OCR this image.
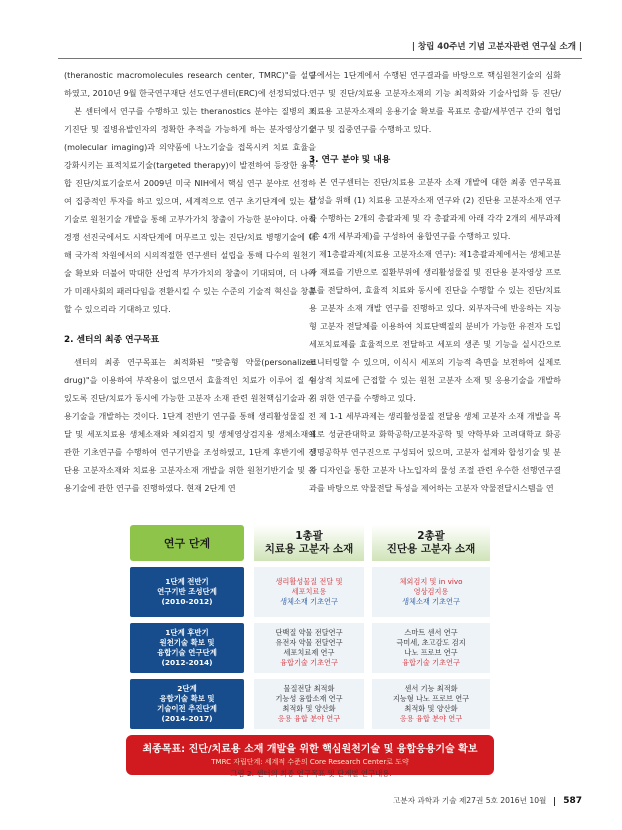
| 창립 40주년 기념 고분자관련 연구실 소개 |

(theranostic macromolecules research center, TMRC)"를 설립하였고, 2010년 9월 한국연구재단 선도연구센터(ERC)에 선정되었다.

본 센터에서 연구를 수행하고 있는 theranostics 분야는 질병의 조기진단 및 질병유발인자의 정확한 추적을 가능하게 하는 분자영상기술(molecular imaging)과 의약품에 나노기술을 접목시켜 치료 효율을 강화시키는 표적치료기술(targeted therapy)이 발전하여 등장한 융복합 진단/치료기술로서 2009년 미국 NIH에서 핵심 연구 분야로 선정하여 집중적인 투자를 하고 있으며, 세계적으로 연구 초기단계에 있는 신기술로 원천기술 개발을 통해 고부가가치 창출이 가능한 분야이다. 아직 경쟁 선진국에서도 시작단계에 머무르고 있는 진단/치료 병행기술에 대해 국가적 차원에서의 시의적절한 연구센터 설립을 통해 다수의 원천기술 확보와 더불어 막대한 산업적 부가가치의 창출이 기대되며, 더 나아가 미래사회의 패러다임을 전환시킬 수 있는 수준의 기술적 혁신을 창출할 수 있으리라 기대하고 있다.

2. 센터의 최종 연구목표

센터의 최종 연구목표는 최적화된 "맞춤형 약물(personalized drug)"을 이용하여 부작용이 없으면서 효율적인 치료가 이루어 질 수 있도록 진단/치료가 동시에 가능한 고분자 소재 관련 원천핵심기술과 응용기술을 개발하는 것이다. 1단계 전반기 연구를 통해 생리활성물질 전달 및 세포치료용 생체소재와 체외검지 및 생체영상검지용 생체소재에 관한 기초연구를 수행하여 연구기반을 조성하였고, 1단계 후반기에 진단용 고분자소재와 치료용 고분자소재 개발을 위한 원천기반기술 및 응용기술에 관한 연구를 진행하였다. 현재 2단계 연

구에서는 1단계에서 수행된 연구결과를 바탕으로 핵심원천기술의 심화연구 및 진단/치료용 고분자소재의 기능 최적화와 기술사업화 등 진단/치료용 고분자소재의 응용기술 확보를 목표로 총괄/세부연구 간의 협업연구 및 집중연구를 수행하고 있다.

3. 연구 분야 및 내용

본 연구센터는 진단/치료용 고분자 소재 개발에 대한 최종 연구목표 달성을 위해 (1) 치료용 고분자소재 연구와 (2) 진단용 고분자소재 연구를 수행하는 2개의 총괄과제 및 각 총괄과제 아래 각각 2개의 세부과제(총 4개 세부과제)를 구성하여 융합연구를 수행하고 있다.

제1총괄과제(치료용 고분자소재 연구): 제1총괄과제에서는 생체고분자 재료를 기반으로 질환부위에 생리활성물질 및 진단용 분자영상 프로브를 전달하여, 효율적 치료와 동시에 진단을 수행할 수 있는 진단/치료용 고분자 소재 개발 연구를 진행하고 있다. 외부자극에 반응하는 지능형 고분자 전달체를 이용하여 치료단백질의 분비가 가능한 유전자 도입 세포치료제를 효율적으로 전달하고 세포의 생존 및 기능을 실시간으로 모니터링할 수 있으며, 이식시 세포의 기능적 측면을 보전하여 실제로 임상적 치료에 근접할 수 있는 원천 고분자 소재 및 응용기술을 개발하기 위한 연구를 수행하고 있다.

제 1-1 세부과제는 생리활성물질 전달용 생체 고분자 소재 개발을 목표로 성균관대학교 화학공학/고분자공학 및 약학부와 고려대학교 화공생명공학부 연구진으로 구성되어 있으며, 고분자 설계와 합성기술 및 분자 디자인을 통한 고분자 나노입자의 물성 조절 관련 우수한 선행연구결과를 바탕으로 약물전달 특성을 제어하는 고분자 약물전달시스템을 연

연구 단계
1총괄
치료용 고분자 소재
2총괄
진단용 고분자 소재
1단계 전반기
연구기반 조성단계
(2010-2012)
생리활성물질 전달 및
세포치료용
생체소재 기초연구
체외검지 및 in vivo
영상검지용
생체소재 기초연구
1단계 후반기
원천기술 확보 및
융합기술 연구단계
(2012-2014)
단백질 약물 전달연구
유전자 약물 전달연구
세포치료제 연구
융합기술 기초연구
스마트 센서 연구
극미세, 초고감도 검지
나노 프로브 연구
융합기술 기초연구
2단계
융합기술 확보 및
기술이전 추진단계
(2014-2017)
물질전달 최적화
기능성 융합소재 연구
최적화 및 양산화
응용 융합 분야 연구
센서 기능 최적화
지능형 나노 프로브 연구
최적화 및 양산화
응용 융합 분야 연구
최종목표: 진단/치료용 소재 개발을 위한 핵심원천기술 및 융합응용기술 확보
TMRC 자립단계: 세계적 수준의 Core Research Center로 도약
그림 2. 센터의 최종 연구목표 및 단계별 연구내용.
고분자 과학과 기술 제27권 5호 2016년 10월 587
